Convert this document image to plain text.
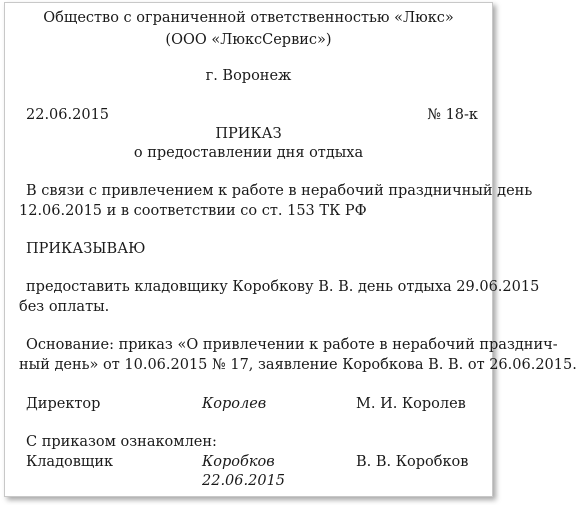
Общество с ограниченной ответственностью «Люкс»
(ООО «ЛюксСервис»)
г. Воронеж
22.06.2015	№ 18-к
ПРИКАЗ
о предоставлении дня отдыха
В связи с привлечением к работе в нерабочий праздничный день
12.06.2015 и в соответствии со ст. 153 ТК РФ
ПРИКАЗЫВАЮ
предоставить кладовщику Коробкову В. В. день отдыха 29.06.2015
без оплаты.
Основание: приказ «О привлечении к работе в нерабочий празднич-
ный день» от 10.06.2015 № 17, заявление Коробкова В. В. от 26.06.2015.
Директор	Королев	М. И. Королев
С приказом ознакомлен:
Кладовщик	Коробков	В. В. Коробков
22.06.2015
